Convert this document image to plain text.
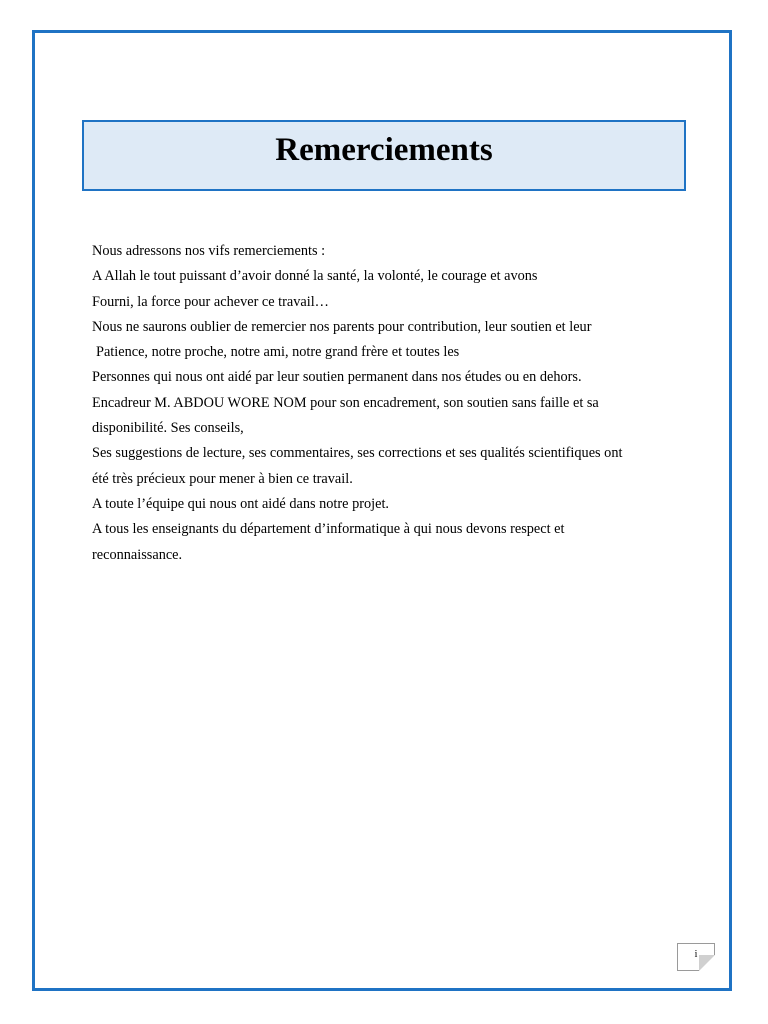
Remerciements

Nous adressons nos vifs remerciements :

A Allah le tout puissant d’avoir donné la santé, la volonté, le courage et avons

Fourni, la force pour achever ce travail…

Nous ne saurons oublier de remercier nos parents pour contribution, leur soutien et leur

Patience, notre proche, notre ami, notre grand frère et toutes les

Personnes qui nous ont aidé par leur soutien permanent dans nos études ou en dehors.

Encadreur M. ABDOU WORE NOM pour son encadrement, son soutien sans faille et sa

disponibilité. Ses conseils,

Ses suggestions de lecture, ses commentaires, ses corrections et ses qualités scientifiques ont

été très précieux pour mener à bien ce travail.

A toute l’équipe qui nous ont aidé dans notre projet.

A tous les enseignants du département d’informatique à qui nous devons respect et

reconnaissance.

i
